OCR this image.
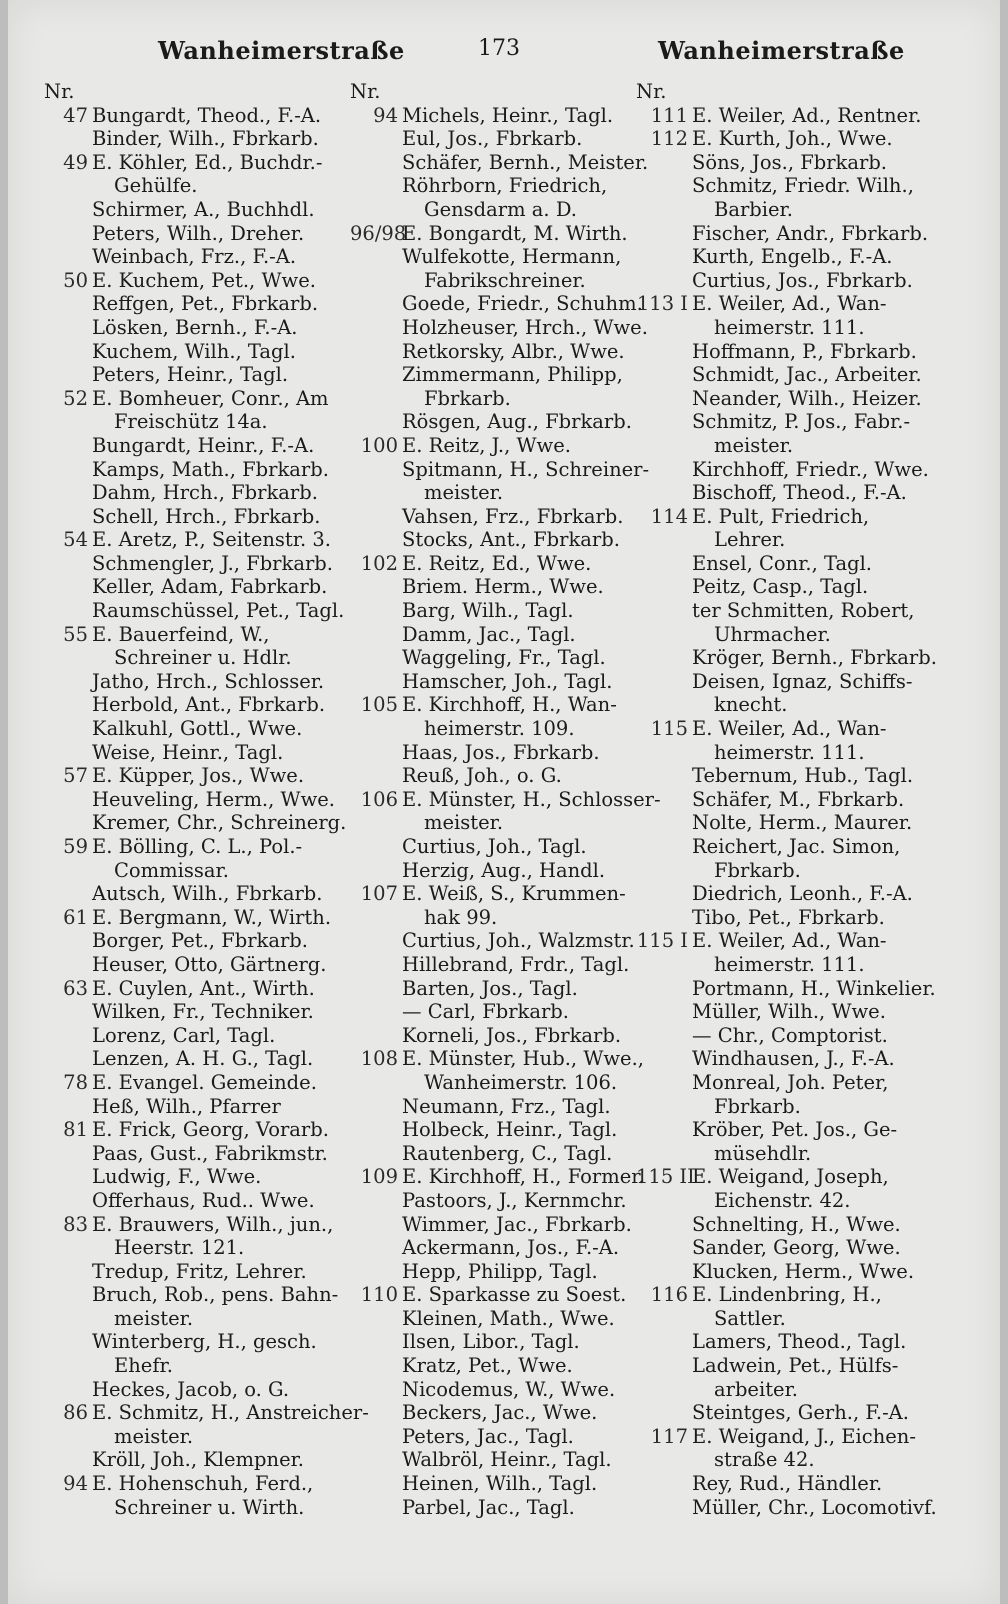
Wanheimerstraße	173	Wanheimerstraße
Nr.
47 Bungardt, Theod., F.-A.
Binder, Wilh., Fbrkarb.
49 E. Köhler, Ed., Buchdr.-
Gehülfe.
Schirmer, A., Buchhdl.
Peters, Wilh., Dreher.
Weinbach, Frz., F.-A.
50 E. Kuchem, Pet., Wwe.
Reffgen, Pet., Fbrkarb.
Lösken, Bernh., F.-A.
Kuchem, Wilh., Tagl.
Peters, Heinr., Tagl.
52 E. Bomheuer, Conr., Am
Freischütz 14a.
Bungardt, Heinr., F.-A.
Kamps, Math., Fbrkarb.
Dahm, Hrch., Fbrkarb.
Schell, Hrch., Fbrkarb.
54 E. Aretz, P., Seitenstr. 3.
Schmengler, J., Fbrkarb.
Keller, Adam, Fabrkarb.
Raumschüssel, Pet., Tagl.
55 E. Bauerfeind, W.,
Schreiner u. Hdlr.
Jatho, Hrch., Schlosser.
Herbold, Ant., Fbrkarb.
Kalkuhl, Gottl., Wwe.
Weise, Heinr., Tagl.
57 E. Küpper, Jos., Wwe.
Heuveling, Herm., Wwe.
Kremer, Chr., Schreinerg.
59 E. Bölling, C. L., Pol.-
Commissar.
Autsch, Wilh., Fbrkarb.
61 E. Bergmann, W., Wirth.
Borger, Pet., Fbrkarb.
Heuser, Otto, Gärtnerg.
63 E. Cuylen, Ant., Wirth.
Wilken, Fr., Techniker.
Lorenz, Carl, Tagl.
Lenzen, A. H. G., Tagl.
78 E. Evangel. Gemeinde.
Heß, Wilh., Pfarrer
81 E. Frick, Georg, Vorarb.
Paas, Gust., Fabrikmstr.
Ludwig, F., Wwe.
Offerhaus, Rud.. Wwe.
83 E. Brauwers, Wilh., jun.,
Heerstr. 121.
Tredup, Fritz, Lehrer.
Bruch, Rob., pens. Bahn-
meister.
Winterberg, H., gesch.
Ehefr.
Heckes, Jacob, o. G.
86 E. Schmitz, H., Anstreicher-
meister.
Kröll, Joh., Klempner.
94 E. Hohenschuh, Ferd.,
Schreiner u. Wirth.
Nr.
94 Michels, Heinr., Tagl.
Eul, Jos., Fbrkarb.
Schäfer, Bernh., Meister.
Röhrborn, Friedrich,
Gensdarm a. D.
96/98
E. Bongardt, M. Wirth.
Wulfekotte, Hermann,
Fabrikschreiner.
Goede, Friedr., Schuhm.
Holzheuser, Hrch., Wwe.
Retkorsky, Albr., Wwe.
Zimmermann, Philipp,
Fbrkarb.
Rösgen, Aug., Fbrkarb.
100 E. Reitz, J., Wwe.
Spitmann, H., Schreiner-
meister.
Vahsen, Frz., Fbrkarb.
Stocks, Ant., Fbrkarb.
102 E. Reitz, Ed., Wwe.
Briem. Herm., Wwe.
Barg, Wilh., Tagl.
Damm, Jac., Tagl.
Waggeling, Fr., Tagl.
Hamscher, Joh., Tagl.
105 E. Kirchhoff, H., Wan-
heimerstr. 109.
Haas, Jos., Fbrkarb.
Reuß, Joh., o. G.
106 E. Münster, H., Schlosser-
meister.
Curtius, Joh., Tagl.
Herzig, Aug., Handl.
107 E. Weiß, S., Krummen-
hak 99.
Curtius, Joh., Walzmstr.
Hillebrand, Frdr., Tagl.
Barten, Jos., Tagl.
— Carl, Fbrkarb.
Korneli, Jos., Fbrkarb.
108 E. Münster, Hub., Wwe.,
Wanheimerstr. 106.
Neumann, Frz., Tagl.
Holbeck, Heinr., Tagl.
Rautenberg, C., Tagl.
109 E. Kirchhoff, H., Former.
Pastoors, J., Kernmchr.
Wimmer, Jac., Fbrkarb.
Ackermann, Jos., F.-A.
Hepp, Philipp, Tagl.
110 E. Sparkasse zu Soest.
Kleinen, Math., Wwe.
Ilsen, Libor., Tagl.
Kratz, Pet., Wwe.
Nicodemus, W., Wwe.
Beckers, Jac., Wwe.
Peters, Jac., Tagl.
Walbröl, Heinr., Tagl.
Heinen, Wilh., Tagl.
Parbel, Jac., Tagl.
Nr.
111 E. Weiler, Ad., Rentner.
112 E. Kurth, Joh., Wwe.
Söns, Jos., Fbrkarb.
Schmitz, Friedr. Wilh.,
Barbier.
Fischer, Andr., Fbrkarb.
Kurth, Engelb., F.-A.
Curtius, Jos., Fbrkarb.
113 I E. Weiler, Ad., Wan-
heimerstr. 111.
Hoffmann, P., Fbrkarb.
Schmidt, Jac., Arbeiter.
Neander, Wilh., Heizer.
Schmitz, P. Jos., Fabr.-
meister.
Kirchhoff, Friedr., Wwe.
Bischoff, Theod., F.-A.
114 E. Pult, Friedrich,
Lehrer.
Ensel, Conr., Tagl.
Peitz, Casp., Tagl.
ter Schmitten, Robert,
Uhrmacher.
Kröger, Bernh., Fbrkarb.
Deisen, Ignaz, Schiffs-
knecht.
115 E. Weiler, Ad., Wan-
heimerstr. 111.
Tebernum, Hub., Tagl.
Schäfer, M., Fbrkarb.
Nolte, Herm., Maurer.
Reichert, Jac. Simon,
Fbrkarb.
Diedrich, Leonh., F.-A.
Tibo, Pet., Fbrkarb.
115 I E. Weiler, Ad., Wan-
heimerstr. 111.
Portmann, H., Winkelier.
Müller, Wilh., Wwe.
— Chr., Comptorist.
Windhausen, J., F.-A.
Monreal, Joh. Peter,
Fbrkarb.
Kröber, Pet. Jos., Ge-
müsehdlr.
115 II
E. Weigand, Joseph,
Eichenstr. 42.
Schnelting, H., Wwe.
Sander, Georg, Wwe.
Klucken, Herm., Wwe.
116 E. Lindenbring, H.,
Sattler.
Lamers, Theod., Tagl.
Ladwein, Pet., Hülfs-
arbeiter.
Steintges, Gerh., F.-A.
117 E. Weigand, J., Eichen-
straße 42.
Rey, Rud., Händler.
Müller, Chr., Locomotivf.
